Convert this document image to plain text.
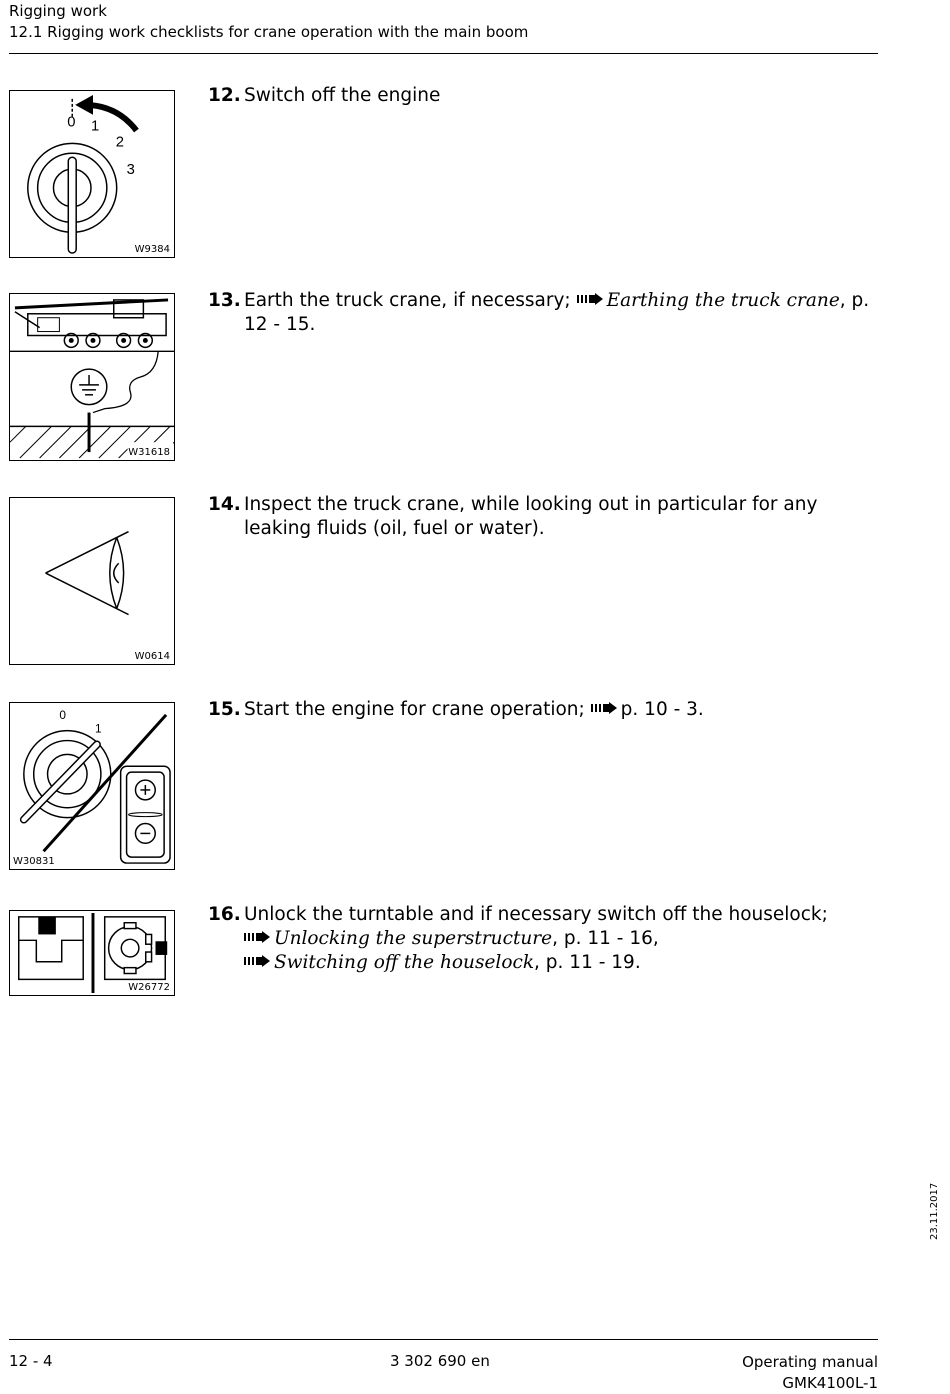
Rigging work
12.1 Rigging work checklists for crane operation with the main boom
0 1
2
3
W9384
12. Switch off the engine
W31618
13. Earth the truck crane, if necessary; Earthing the truck crane, p. 12 - 15.
W0614
14. Inspect the truck crane, while looking out in particular for any leaking fluids (oil, fuel or water).
0
1
W30831
15. Start the engine for crane operation; p. 10 - 3.
W26772
16. Unlock the turntable and if necessary switch off the houselock;
Unlocking the superstructure, p. 11 - 16,
Switching off the houselock, p. 11 - 19.
23.11.2017
12 - 4	3 302 690 en	Operating manual
GMK4100L-1
